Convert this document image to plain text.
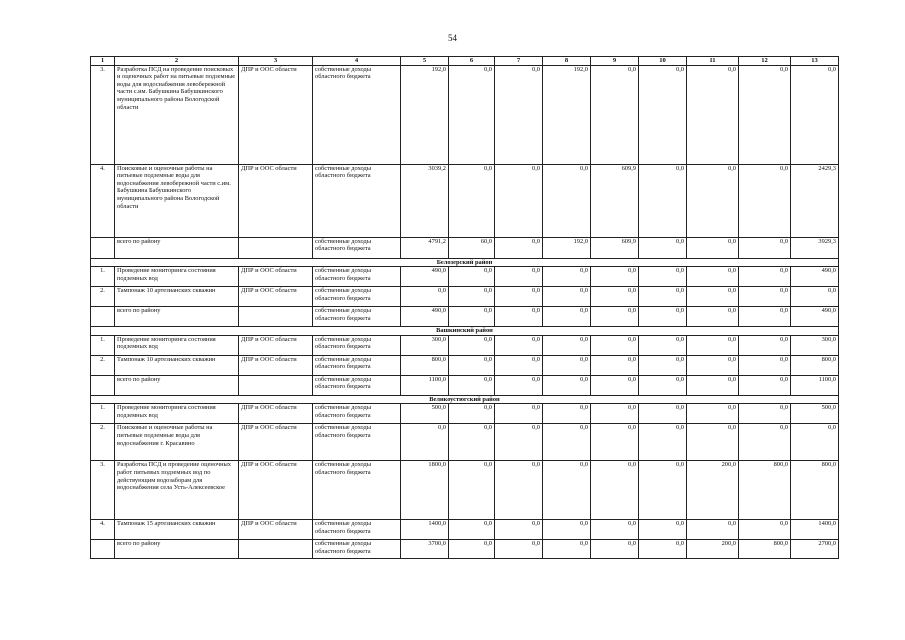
54
1	2	3	4	5	6	7	8	9	10	11	12	13
3.	Разработка ПСД на проведение поисковых и оценочных работ на питьевые подземные воды для водоснабжения левобережной части с.им. Бабушкина Бабушкинского муниципального района Вологодской области	ДПР и ООС области	собственные доходы областного бюджета	192,0	0,0	0,0	192,0	0,0	0,0	0,0	0,0	0,0
4.	Поисковые и оценочные работы на питьевые подземные воды для водоснабжения левобережной части с.им. Бабушкина Бабушкинского муниципального района Вологодской области	ДПР и ООС области	собственные доходы областного бюджета	3039,2	0,0	0,0	0,0	609,9	0,0	0,0	0,0	2429,3
	всего по району		собственные доходы областного бюджета	4791,2	60,0	0,0	192,0	609,9	0,0	0,0	0,0	3929,3
Белозерский район												
1.	Проведение мониторинга состояния подземных вод	ДПР и ООС области	собственные доходы областного бюджета	490,0	0,0	0,0	0,0	0,0	0,0	0,0	0,0	490,0
2.	Тампонаж 10 артезианских скважин	ДПР и ООС области	собственные доходы областного бюджета	0,0	0,0	0,0	0,0	0,0	0,0	0,0	0,0	0,0
	всего по району		собственные доходы областного бюджета	490,0	0,0	0,0	0,0	0,0	0,0	0,0	0,0	490,0
Вашкинский район												
1.	Проведение мониторинга состояния подземных вод	ДПР и ООС области	собственные доходы областного бюджета	300,0	0,0	0,0	0,0	0,0	0,0	0,0	0,0	300,0
2.	Тампонаж 10 артезианских скважин	ДПР и ООС области	собственные доходы областного бюджета	800,0	0,0	0,0	0,0	0,0	0,0	0,0	0,0	800,0
	всего по району		собственные доходы областного бюджета	1100,0	0,0	0,0	0,0	0,0	0,0	0,0	0,0	1100,0
Великоустюгский район												
1.	Проведение мониторинга состояния подземных вод	ДПР и ООС области	собственные доходы областного бюджета	500,0	0,0	0,0	0,0	0,0	0,0	0,0	0,0	500,0
2.	Поисковые и оценочные работы на питьевые подземные воды для водоснабжения г. Красавино	ДПР и ООС области	собственные доходы областного бюджета	0,0	0,0	0,0	0,0	0,0	0,0	0,0	0,0	0,0
3.	Разработка ПСД и проведение оценочных работ питьевых подземных вод по действующим водозаборам для водоснабжения села Усть-Алексеевское	ДПР и ООС области	собственные доходы областного бюджета	1800,0	0,0	0,0	0,0	0,0	0,0	200,0	800,0	800,0
4.	Тампонаж 15 артезианских скважин	ДПР и ООС области	собственные доходы областного бюджета	1400,0	0,0	0,0	0,0	0,0	0,0	0,0	0,0	1400,0
	всего по району		собственные доходы областного бюджета	3700,0	0,0	0,0	0,0	0,0	0,0	200,0	800,0	2700,0
